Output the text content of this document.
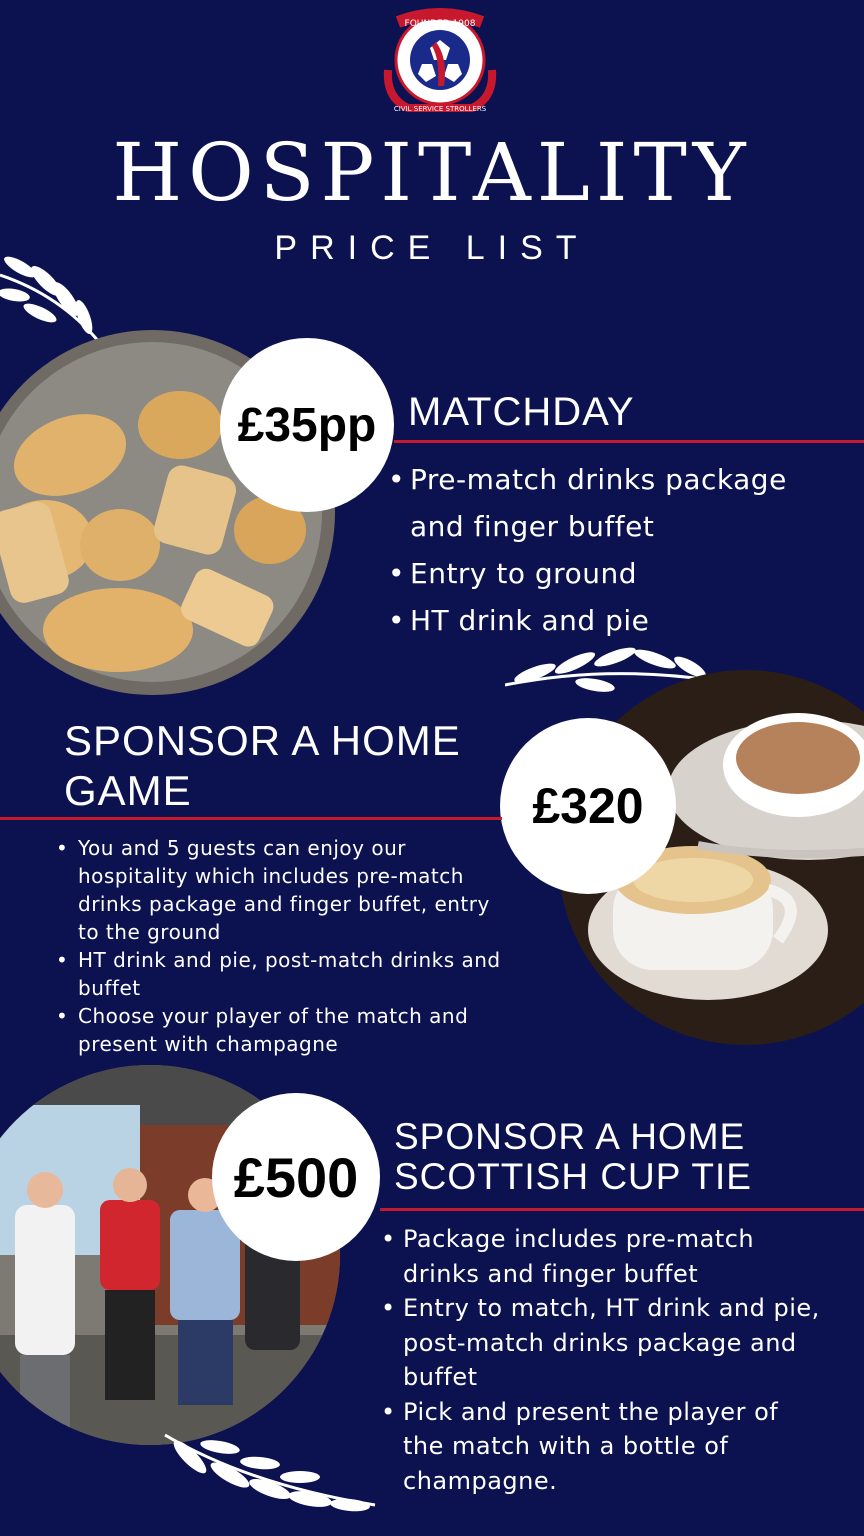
FOUNDED 1908
CIVIL SERVICE STROLLERS
F.	C.
HOSPITALITY
PRICE LIST
£35pp MATCHDAY
• Pre-match drinks package and finger buffet
• Entry to ground
• HT drink and pie
£320
SPONSOR A HOME GAME
• You and 5 guests can enjoy our hospitality which includes pre-match drinks package and finger buffet, entry to the ground
• HT drink and pie, post-match drinks and buffet
• Choose your player of the match and present with champagne
£500
SPONSOR A HOME SCOTTISH CUP TIE
• Package includes pre-match drinks and finger buffet
• Entry to match, HT drink and pie, post-match drinks package and buffet
• Pick and present the player of the match with a bottle of champagne.
